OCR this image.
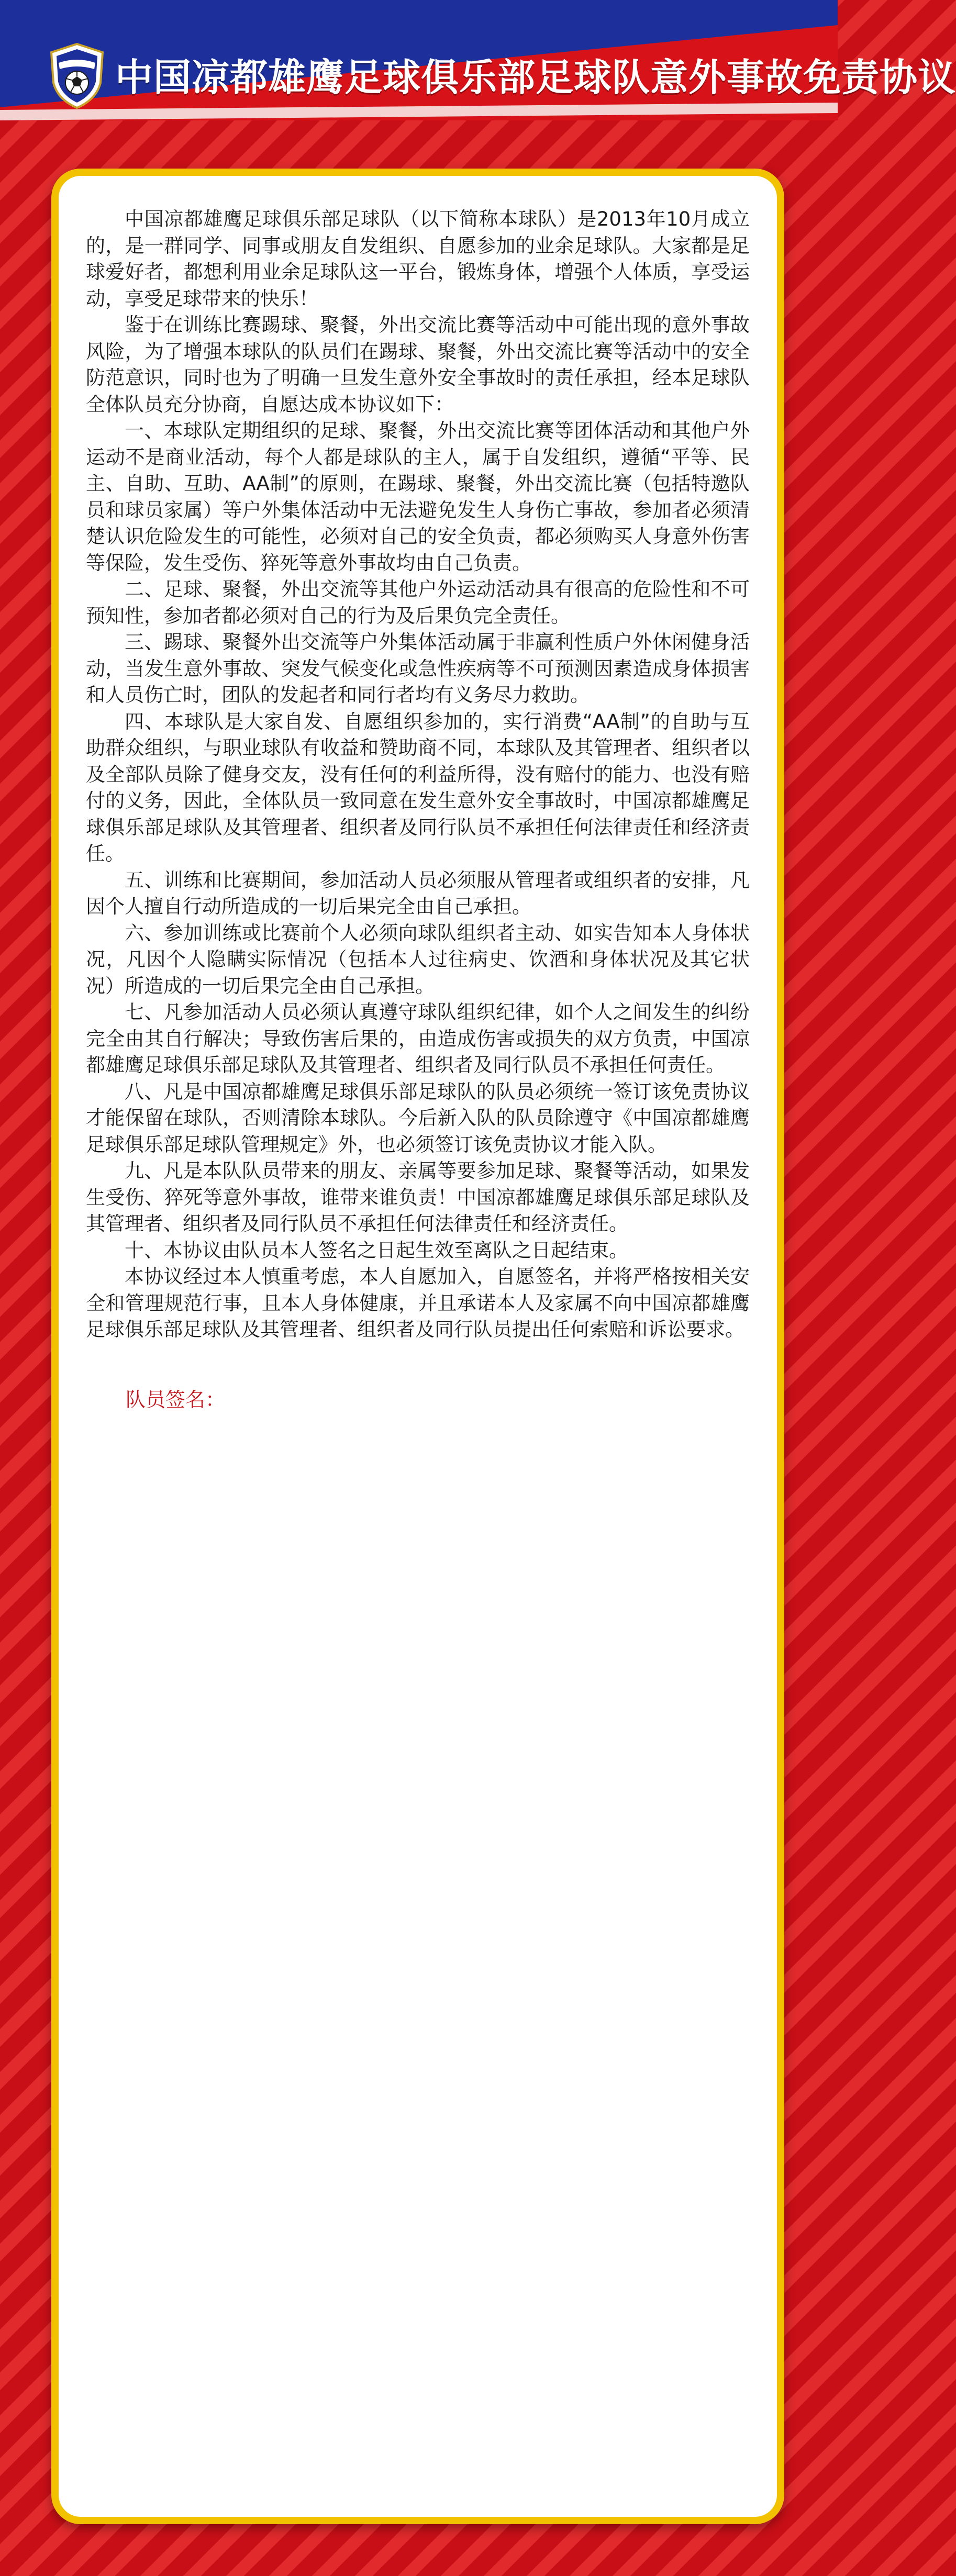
中国凉都雄鹰足球俱乐部足球队意外事故免责协议

中国凉都雄鹰足球俱乐部足球队（以下简称本球队）是2013年10月成立的，是一群同学、同事或朋友自发组织、自愿参加的业余足球队。大家都是足球爱好者，都想利用业余足球队这一平台，锻炼身体，增强个人体质，享受运动，享受足球带来的快乐！

鉴于在训练比赛踢球、聚餐，外出交流比赛等活动中可能出现的意外事故风险，为了增强本球队的队员们在踢球、聚餐，外出交流比赛等活动中的安全防范意识，同时也为了明确一旦发生意外安全事故时的责任承担，经本足球队全体队员充分协商，自愿达成本协议如下：

一、本球队定期组织的足球、聚餐，外出交流比赛等团体活动和其他户外运动不是商业活动，每个人都是球队的主人，属于自发组织，遵循“平等、民主、自助、互助、AA制”的原则，在踢球、聚餐，外出交流比赛（包括特邀队员和球员家属）等户外集体活动中无法避免发生人身伤亡事故，参加者必须清楚认识危险发生的可能性，必须对自己的安全负责，都必须购买人身意外伤害等保险，发生受伤、猝死等意外事故均由自己负责。

二、足球、聚餐，外出交流等其他户外运动活动具有很高的危险性和不可预知性，参加者都必须对自己的行为及后果负完全责任。

三、踢球、聚餐外出交流等户外集体活动属于非赢利性质户外休闲健身活动，当发生意外事故、突发气候变化或急性疾病等不可预测因素造成身体损害和人员伤亡时，团队的发起者和同行者均有义务尽力救助。

四、本球队是大家自发、自愿组织参加的，实行消费“AA制”的自助与互助群众组织，与职业球队有收益和赞助商不同，本球队及其管理者、组织者以及全部队员除了健身交友，没有任何的利益所得，没有赔付的能力、也没有赔付的义务，因此，全体队员一致同意在发生意外安全事故时，中国凉都雄鹰足球俱乐部足球队及其管理者、组织者及同行队员不承担任何法律责任和经济责任。

五、训练和比赛期间，参加活动人员必须服从管理者或组织者的安排，凡因个人擅自行动所造成的一切后果完全由自己承担。

六、参加训练或比赛前个人必须向球队组织者主动、如实告知本人身体状况，凡因个人隐瞒实际情况（包括本人过往病史、饮酒和身体状况及其它状况）所造成的一切后果完全由自己承担。

七、凡参加活动人员必须认真遵守球队组织纪律，如个人之间发生的纠纷完全由其自行解决；导致伤害后果的，由造成伤害或损失的双方负责，中国凉都雄鹰足球俱乐部足球队及其管理者、组织者及同行队员不承担任何责任。

八、凡是中国凉都雄鹰足球俱乐部足球队的队员必须统一签订该免责协议才能保留在球队，否则清除本球队。今后新入队的队员除遵守《中国凉都雄鹰足球俱乐部足球队管理规定》外，也必须签订该免责协议才能入队。

九、凡是本队队员带来的朋友、亲属等要参加足球、聚餐等活动，如果发生受伤、猝死等意外事故，谁带来谁负责！中国凉都雄鹰足球俱乐部足球队及其管理者、组织者及同行队员不承担任何法律责任和经济责任。

十、本协议由队员本人签名之日起生效至离队之日起结束。

本协议经过本人慎重考虑，本人自愿加入，自愿签名，并将严格按相关安全和管理规范行事，且本人身体健康，并且承诺本人及家属不向中国凉都雄鹰足球俱乐部足球队及其管理者、组织者及同行队员提出任何索赔和诉讼要求。

队员签名：
